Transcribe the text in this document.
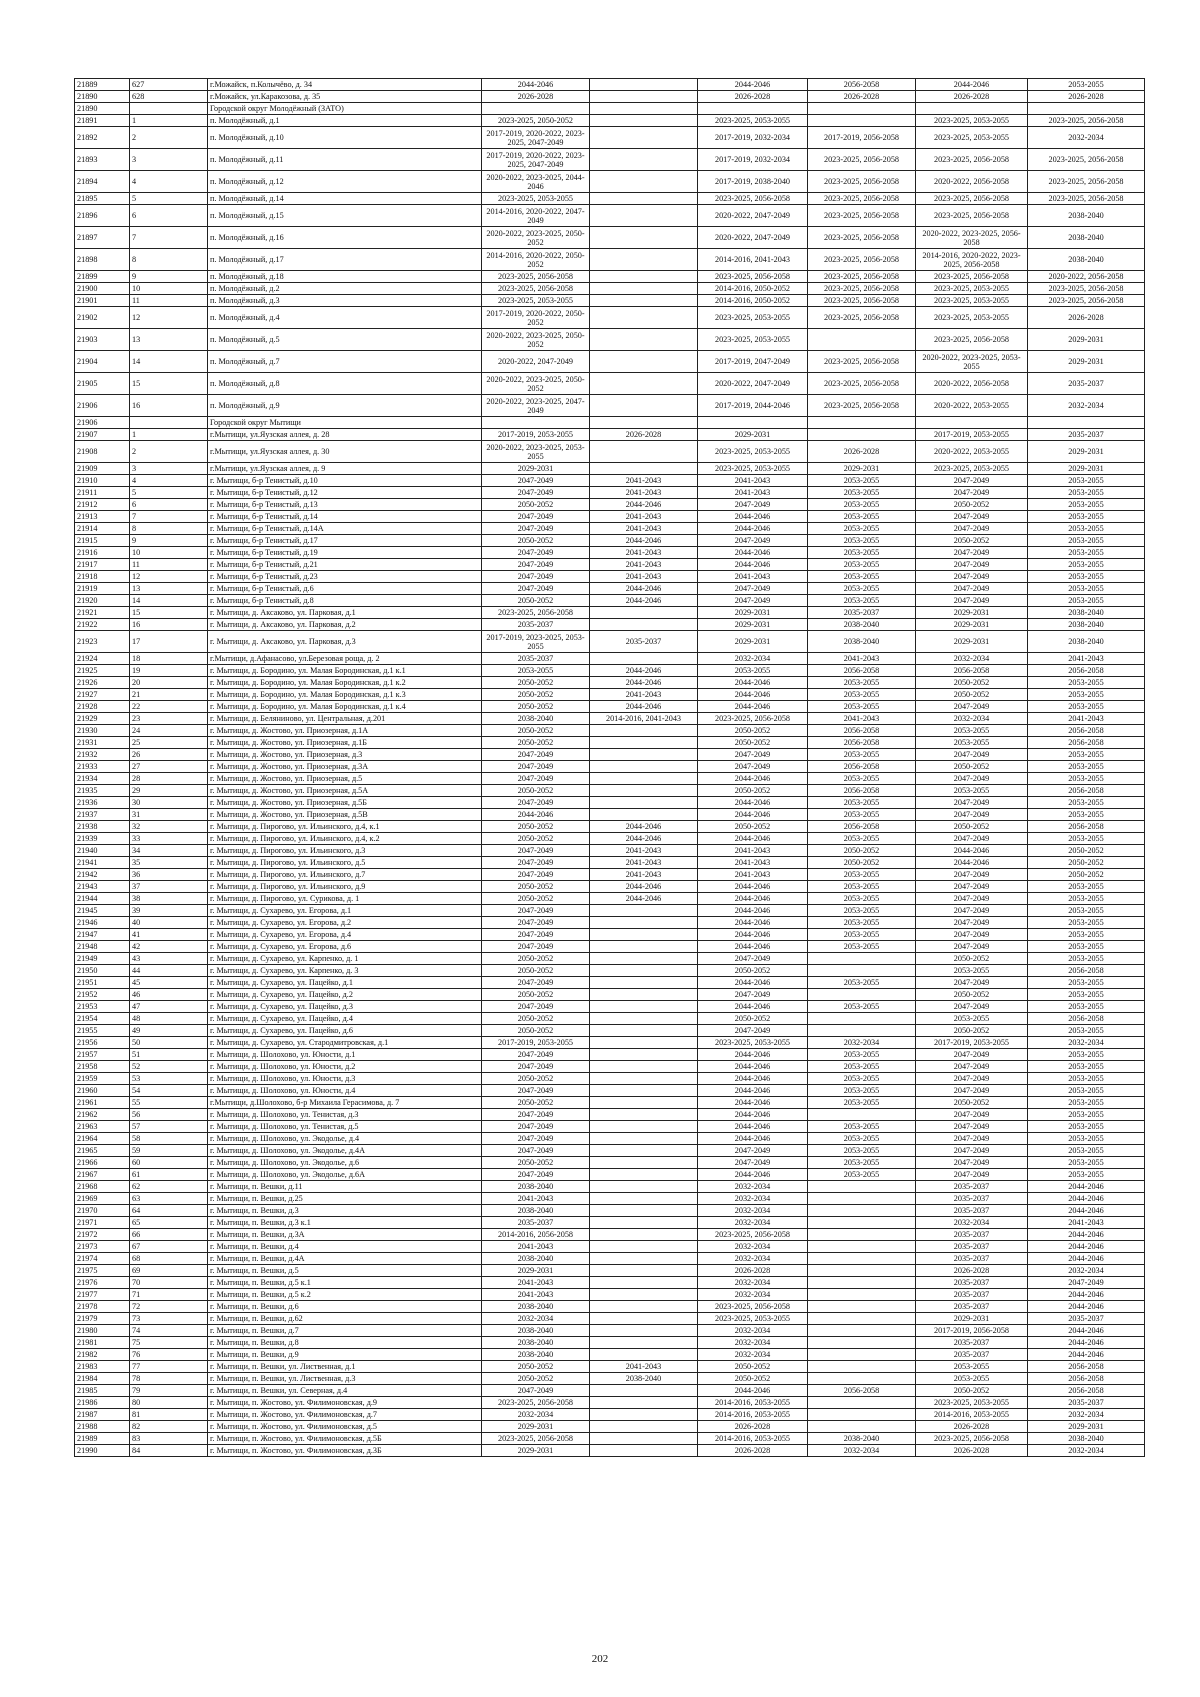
21889	627	г.Можайск, п.Колычёво, д. 34	2044-2046		2044-2046	2056-2058	2044-2046	2053-2055
21890	628	г.Можайск, ул.Каракозова, д. 35	2026-2028		2026-2028	2026-2028	2026-2028	2026-2028
21890		Городской округ Молодёжный (ЗАТО)						
21891	1	п. Молодёжный, д.1	2023-2025, 2050-2052		2023-2025, 2053-2055		2023-2025, 2053-2055	2023-2025, 2056-2058
21892	2	п. Молодёжный, д.10	2017-2019, 2020-2022, 2023-2025, 2047-2049		2017-2019, 2032-2034	2017-2019, 2056-2058	2023-2025, 2053-2055	2032-2034
21893	3	п. Молодёжный, д.11	2017-2019, 2020-2022, 2023-2025, 2047-2049		2017-2019, 2032-2034	2023-2025, 2056-2058	2023-2025, 2056-2058	2023-2025, 2056-2058
21894	4	п. Молодёжный, д.12	2020-2022, 2023-2025, 2044-2046		2017-2019, 2038-2040	2023-2025, 2056-2058	2020-2022, 2056-2058	2023-2025, 2056-2058
21895	5	п. Молодёжный, д.14	2023-2025, 2053-2055		2023-2025, 2056-2058	2023-2025, 2056-2058	2023-2025, 2056-2058	2023-2025, 2056-2058
21896	6	п. Молодёжный, д.15	2014-2016, 2020-2022, 2047-2049		2020-2022, 2047-2049	2023-2025, 2056-2058	2023-2025, 2056-2058	2038-2040
21897	7	п. Молодёжный, д.16	2020-2022, 2023-2025, 2050-2052		2020-2022, 2047-2049	2023-2025, 2056-2058	2020-2022, 2023-2025, 2056-2058	2038-2040
21898	8	п. Молодёжный, д.17	2014-2016, 2020-2022, 2050-2052		2014-2016, 2041-2043	2023-2025, 2056-2058	2014-2016, 2020-2022, 2023-2025, 2056-2058	2038-2040
21899	9	п. Молодёжный, д.18	2023-2025, 2056-2058		2023-2025, 2056-2058	2023-2025, 2056-2058	2023-2025, 2056-2058	2020-2022, 2056-2058
21900	10	п. Молодёжный, д.2	2023-2025, 2056-2058		2014-2016, 2050-2052	2023-2025, 2056-2058	2023-2025, 2053-2055	2023-2025, 2056-2058
21901	11	п. Молодёжный, д.3	2023-2025, 2053-2055		2014-2016, 2050-2052	2023-2025, 2056-2058	2023-2025, 2053-2055	2023-2025, 2056-2058
21902	12	п. Молодёжный, д.4	2017-2019, 2020-2022, 2050-2052		2023-2025, 2053-2055	2023-2025, 2056-2058	2023-2025, 2053-2055	2026-2028
21903	13	п. Молодёжный, д.5	2020-2022, 2023-2025, 2050-2052		2023-2025, 2053-2055		2023-2025, 2056-2058	2029-2031
21904	14	п. Молодёжный, д.7	2020-2022, 2047-2049		2017-2019, 2047-2049	2023-2025, 2056-2058	2020-2022, 2023-2025, 2053-2055	2029-2031
21905	15	п. Молодёжный, д.8	2020-2022, 2023-2025, 2050-2052		2020-2022, 2047-2049	2023-2025, 2056-2058	2020-2022, 2056-2058	2035-2037
21906	16	п. Молодёжный, д.9	2020-2022, 2023-2025, 2047-2049		2017-2019, 2044-2046	2023-2025, 2056-2058	2020-2022, 2053-2055	2032-2034
21906		Городской округ Мытищи						
21907	1	г.Мытищи, ул.Яузская аллея, д. 28	2017-2019, 2053-2055	2026-2028	2029-2031		2017-2019, 2053-2055	2035-2037
21908	2	г.Мытищи, ул.Яузская аллея, д. 30	2020-2022, 2023-2025, 2053-2055		2023-2025, 2053-2055	2026-2028	2020-2022, 2053-2055	2029-2031
21909	3	г.Мытищи, ул.Яузская аллея, д. 9	2029-2031		2023-2025, 2053-2055	2029-2031	2023-2025, 2053-2055	2029-2031
21910	4	г. Мытищи, б-р Тенистый, д.10	2047-2049	2041-2043	2041-2043	2053-2055	2047-2049	2053-2055
21911	5	г. Мытищи, б-р Тенистый, д.12	2047-2049	2041-2043	2041-2043	2053-2055	2047-2049	2053-2055
21912	6	г. Мытищи, б-р Тенистый, д.13	2050-2052	2044-2046	2047-2049	2053-2055	2050-2052	2053-2055
21913	7	г. Мытищи, б-р Тенистый, д.14	2047-2049	2041-2043	2044-2046	2053-2055	2047-2049	2053-2055
21914	8	г. Мытищи, б-р Тенистый, д.14А	2047-2049	2041-2043	2044-2046	2053-2055	2047-2049	2053-2055
21915	9	г. Мытищи, б-р Тенистый, д.17	2050-2052	2044-2046	2047-2049	2053-2055	2050-2052	2053-2055
21916	10	г. Мытищи, б-р Тенистый, д.19	2047-2049	2041-2043	2044-2046	2053-2055	2047-2049	2053-2055
21917	11	г. Мытищи, б-р Тенистый, д.21	2047-2049	2041-2043	2044-2046	2053-2055	2047-2049	2053-2055
21918	12	г. Мытищи, б-р Тенистый, д.23	2047-2049	2041-2043	2041-2043	2053-2055	2047-2049	2053-2055
21919	13	г. Мытищи, б-р Тенистый, д.6	2047-2049	2044-2046	2047-2049	2053-2055	2047-2049	2053-2055
21920	14	г. Мытищи, б-р Тенистый, д.8	2050-2052	2044-2046	2047-2049	2053-2055	2047-2049	2053-2055
21921	15	г. Мытищи, д. Аксаково, ул. Парковая, д.1	2023-2025, 2056-2058		2029-2031	2035-2037	2029-2031	2038-2040
21922	16	г. Мытищи, д. Аксаково, ул. Парковая, д.2	2035-2037		2029-2031	2038-2040	2029-2031	2038-2040
21923	17	г. Мытищи, д. Аксаково, ул. Парковая, д.3	2017-2019, 2023-2025, 2053-2055	2035-2037	2029-2031	2038-2040	2029-2031	2038-2040
21924	18	г.Мытищи, д.Афанасово, ул.Березовая роща, д. 2	2035-2037		2032-2034	2041-2043	2032-2034	2041-2043
21925	19	г. Мытищи, д. Бородино, ул. Малая Бородинская, д.1 к.1	2053-2055	2044-2046	2053-2055	2056-2058	2056-2058	2056-2058
21926	20	г. Мытищи, д. Бородино, ул. Малая Бородинская, д.1 к.2	2050-2052	2044-2046	2044-2046	2053-2055	2050-2052	2053-2055
21927	21	г. Мытищи, д. Бородино, ул. Малая Бородинская, д.1 к.3	2050-2052	2041-2043	2044-2046	2053-2055	2050-2052	2053-2055
21928	22	г. Мытищи, д. Бородино, ул. Малая Бородинская, д.1 к.4	2050-2052	2044-2046	2044-2046	2053-2055	2047-2049	2053-2055
21929	23	г. Мытищи, д. Беляниново, ул. Центральная, д.201	2038-2040	2014-2016, 2041-2043	2023-2025, 2056-2058	2041-2043	2032-2034	2041-2043
21930	24	г. Мытищи, д. Жостово, ул. Приозерная, д.1А	2050-2052		2050-2052	2056-2058	2053-2055	2056-2058
21931	25	г. Мытищи, д. Жостово, ул. Приозерная, д.1Б	2050-2052		2050-2052	2056-2058	2053-2055	2056-2058
21932	26	г. Мытищи, д. Жостово, ул. Приозерная, д.3	2047-2049		2047-2049	2053-2055	2047-2049	2053-2055
21933	27	г. Мытищи, д. Жостово, ул. Приозерная, д.3А	2047-2049		2047-2049	2056-2058	2050-2052	2053-2055
21934	28	г. Мытищи, д. Жостово, ул. Приозерная, д.5	2047-2049		2044-2046	2053-2055	2047-2049	2053-2055
21935	29	г. Мытищи, д. Жостово, ул. Приозерная, д.5А	2050-2052		2050-2052	2056-2058	2053-2055	2056-2058
21936	30	г. Мытищи, д. Жостово, ул. Приозерная, д.5Б	2047-2049		2044-2046	2053-2055	2047-2049	2053-2055
21937	31	г. Мытищи, д. Жостово, ул. Приозерная, д.5В	2044-2046		2044-2046	2053-2055	2047-2049	2053-2055
21938	32	г. Мытищи, д. Пирогово, ул. Ильинского, д.4, к.1	2050-2052	2044-2046	2050-2052	2056-2058	2050-2052	2056-2058
21939	33	г. Мытищи, д. Пирогово, ул. Ильинского, д.4, к.2	2050-2052	2044-2046	2044-2046	2053-2055	2047-2049	2053-2055
21940	34	г. Мытищи, д. Пирогово, ул. Ильинского, д.3	2047-2049	2041-2043	2041-2043	2050-2052	2044-2046	2050-2052
21941	35	г. Мытищи, д. Пирогово, ул. Ильинского, д.5	2047-2049	2041-2043	2041-2043	2050-2052	2044-2046	2050-2052
21942	36	г. Мытищи, д. Пирогово, ул. Ильинского, д.7	2047-2049	2041-2043	2041-2043	2053-2055	2047-2049	2050-2052
21943	37	г. Мытищи, д. Пирогово, ул. Ильинского, д.9	2050-2052	2044-2046	2044-2046	2053-2055	2047-2049	2053-2055
21944	38	г. Мытищи, д. Пирогово, ул. Сурикова, д. 1	2050-2052	2044-2046	2044-2046	2053-2055	2047-2049	2053-2055
21945	39	г. Мытищи, д. Сухарево, ул. Егорова, д.1	2047-2049		2044-2046	2053-2055	2047-2049	2053-2055
21946	40	г. Мытищи, д. Сухарево, ул. Егорова, д.2	2047-2049		2044-2046	2053-2055	2047-2049	2053-2055
21947	41	г. Мытищи, д. Сухарево, ул. Егорова, д.4	2047-2049		2044-2046	2053-2055	2047-2049	2053-2055
21948	42	г. Мытищи, д. Сухарево, ул. Егорова, д.6	2047-2049		2044-2046	2053-2055	2047-2049	2053-2055
21949	43	г. Мытищи, д. Сухарево, ул. Карпенко, д. 1	2050-2052		2047-2049		2050-2052	2053-2055
21950	44	г. Мытищи, д. Сухарево, ул. Карпенко, д. 3	2050-2052		2050-2052		2053-2055	2056-2058
21951	45	г. Мытищи, д. Сухарево, ул. Пацейко, д.1	2047-2049		2044-2046	2053-2055	2047-2049	2053-2055
21952	46	г. Мытищи, д. Сухарево, ул. Пацейко, д.2	2050-2052		2047-2049		2050-2052	2053-2055
21953	47	г. Мытищи, д. Сухарево, ул. Пацейко, д.3	2047-2049		2044-2046	2053-2055	2047-2049	2053-2055
21954	48	г. Мытищи, д. Сухарево, ул. Пацейко, д.4	2050-2052		2050-2052		2053-2055	2056-2058
21955	49	г. Мытищи, д. Сухарево, ул. Пацейко, д.6	2050-2052		2047-2049		2050-2052	2053-2055
21956	50	г. Мытищи, д. Сухарево, ул. Стародмитровская, д.1	2017-2019, 2053-2055		2023-2025, 2053-2055	2032-2034	2017-2019, 2053-2055	2032-2034
21957	51	г. Мытищи, д. Шолохово, ул. Юности, д.1	2047-2049		2044-2046	2053-2055	2047-2049	2053-2055
21958	52	г. Мытищи, д. Шолохово, ул. Юности, д.2	2047-2049		2044-2046	2053-2055	2047-2049	2053-2055
21959	53	г. Мытищи, д. Шолохово, ул. Юности, д.3	2050-2052		2044-2046	2053-2055	2047-2049	2053-2055
21960	54	г. Мытищи, д. Шолохово, ул. Юности, д.4	2047-2049		2044-2046	2053-2055	2047-2049	2053-2055
21961	55	г.Мытищи, д.Шолохово, б-р Михаила Герасимова, д. 7	2050-2052		2044-2046	2053-2055	2050-2052	2053-2055
21962	56	г. Мытищи, д. Шолохово, ул. Тенистая, д.3	2047-2049		2044-2046		2047-2049	2053-2055
21963	57	г. Мытищи, д. Шолохово, ул. Тенистая, д.5	2047-2049		2044-2046	2053-2055	2047-2049	2053-2055
21964	58	г. Мытищи, д. Шолохово, ул. Экодолье, д.4	2047-2049		2044-2046	2053-2055	2047-2049	2053-2055
21965	59	г. Мытищи, д. Шолохово, ул. Экодолье, д.4А	2047-2049		2047-2049	2053-2055	2047-2049	2053-2055
21966	60	г. Мытищи, д. Шолохово, ул. Экодолье, д.6	2050-2052		2047-2049	2053-2055	2047-2049	2053-2055
21967	61	г. Мытищи, д. Шолохово, ул. Экодолье, д.6А	2047-2049		2044-2046	2053-2055	2047-2049	2053-2055
21968	62	г. Мытищи, п. Вешки, д.11	2038-2040		2032-2034		2035-2037	2044-2046
21969	63	г. Мытищи, п. Вешки, д.25	2041-2043		2032-2034		2035-2037	2044-2046
21970	64	г. Мытищи, п. Вешки, д.3	2038-2040		2032-2034		2035-2037	2044-2046
21971	65	г. Мытищи, п. Вешки, д.3 к.1	2035-2037		2032-2034		2032-2034	2041-2043
21972	66	г. Мытищи, п. Вешки, д.3А	2014-2016, 2056-2058		2023-2025, 2056-2058		2035-2037	2044-2046
21973	67	г. Мытищи, п. Вешки, д.4	2041-2043		2032-2034		2035-2037	2044-2046
21974	68	г. Мытищи, п. Вешки, д.4А	2038-2040		2032-2034		2035-2037	2044-2046
21975	69	г. Мытищи, п. Вешки, д.5	2029-2031		2026-2028		2026-2028	2032-2034
21976	70	г. Мытищи, п. Вешки, д.5 к.1	2041-2043		2032-2034		2035-2037	2047-2049
21977	71	г. Мытищи, п. Вешки, д.5 к.2	2041-2043		2032-2034		2035-2037	2044-2046
21978	72	г. Мытищи, п. Вешки, д.6	2038-2040		2023-2025, 2056-2058		2035-2037	2044-2046
21979	73	г. Мытищи, п. Вешки, д.62	2032-2034		2023-2025, 2053-2055		2029-2031	2035-2037
21980	74	г. Мытищи, п. Вешки, д.7	2038-2040		2032-2034		2017-2019, 2056-2058	2044-2046
21981	75	г. Мытищи, п. Вешки, д.8	2038-2040		2032-2034		2035-2037	2044-2046
21982	76	г. Мытищи, п. Вешки, д.9	2038-2040		2032-2034		2035-2037	2044-2046
21983	77	г. Мытищи, п. Вешки, ул. Лиственная, д.1	2050-2052	2041-2043	2050-2052		2053-2055	2056-2058
21984	78	г. Мытищи, п. Вешки, ул. Лиственная, д.3	2050-2052	2038-2040	2050-2052		2053-2055	2056-2058
21985	79	г. Мытищи, п. Вешки, ул. Северная, д.4	2047-2049		2044-2046	2056-2058	2050-2052	2056-2058
21986	80	г. Мытищи, п. Жостово, ул. Филимоновская, д.9	2023-2025, 2056-2058		2014-2016, 2053-2055		2023-2025, 2053-2055	2035-2037
21987	81	г. Мытищи, п. Жостово, ул. Филимоновская, д.7	2032-2034		2014-2016, 2053-2055		2014-2016, 2053-2055	2032-2034
21988	82	г. Мытищи, п. Жостово, ул. Филимоновская, д.5	2029-2031		2026-2028		2026-2028	2029-2031
21989	83	г. Мытищи, п. Жостово, ул. Филимоновская, д.5Б	2023-2025, 2056-2058		2014-2016, 2053-2055	2038-2040	2023-2025, 2056-2058	2038-2040
21990	84	г. Мытищи, п. Жостово, ул. Филимоновская, д.3Б	2029-2031		2026-2028	2032-2034	2026-2028	2032-2034
202
